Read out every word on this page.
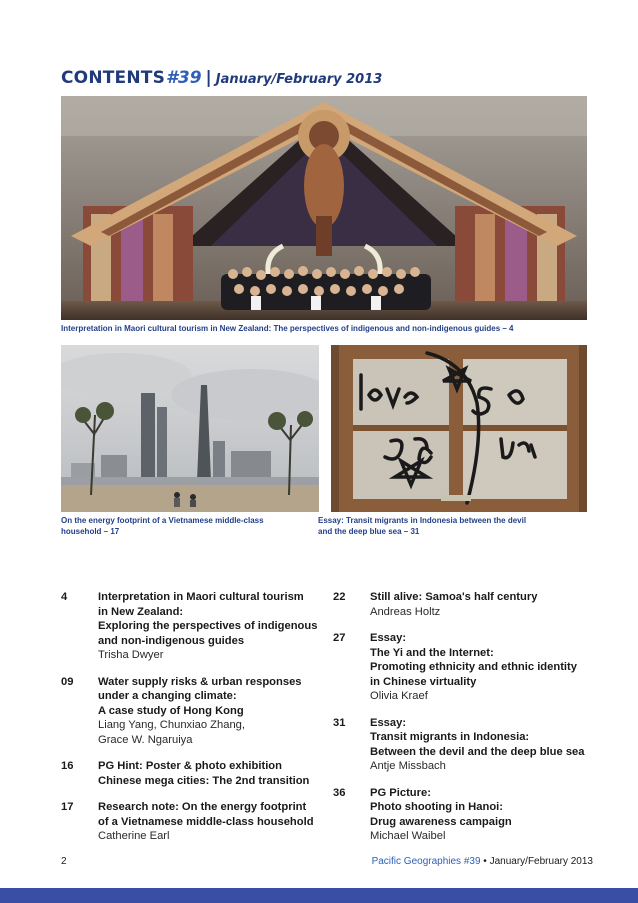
CONTENTS#39 | January/February 2013
Interpretation in Maori cultural tourism in New Zealand: The perspectives of indigenous and non-indigenous guides – 4
On the energy footprint of a Vietnamese middle-class
household – 17
Essay: Transit migrants in Indonesia between the devil
and the deep blue sea – 31
4	Interpretation in Maori cultural tourism
in New Zealand:
Exploring the perspectives of indigenous
and non-indigenous guides
Trisha Dwyer
09 Water supply risks & urban responses
under a changing climate:
A case study of Hong Kong
Liang Yang, Chunxiao Zhang,
Grace W. Ngaruiya
16 PG Hint: Poster & photo exhibition
Chinese mega cities: The 2nd transition
17 Research note: On the energy footprint
of a Vietnamese middle-class household
Catherine Earl
22 Still alive: Samoa's half century
Andreas Holtz
27 Essay:
The Yi and the Internet:
Promoting ethnicity and ethnic identity
in Chinese virtuality
Olivia Kraef
31 Essay:
Transit migrants in Indonesia:
Between the devil and the deep blue sea
Antje Missbach
36 PG Picture:
Photo shooting in Hanoi:
Drug awareness campaign
Michael Waibel
2	Pacific Geographies #39 • January/February 2013
